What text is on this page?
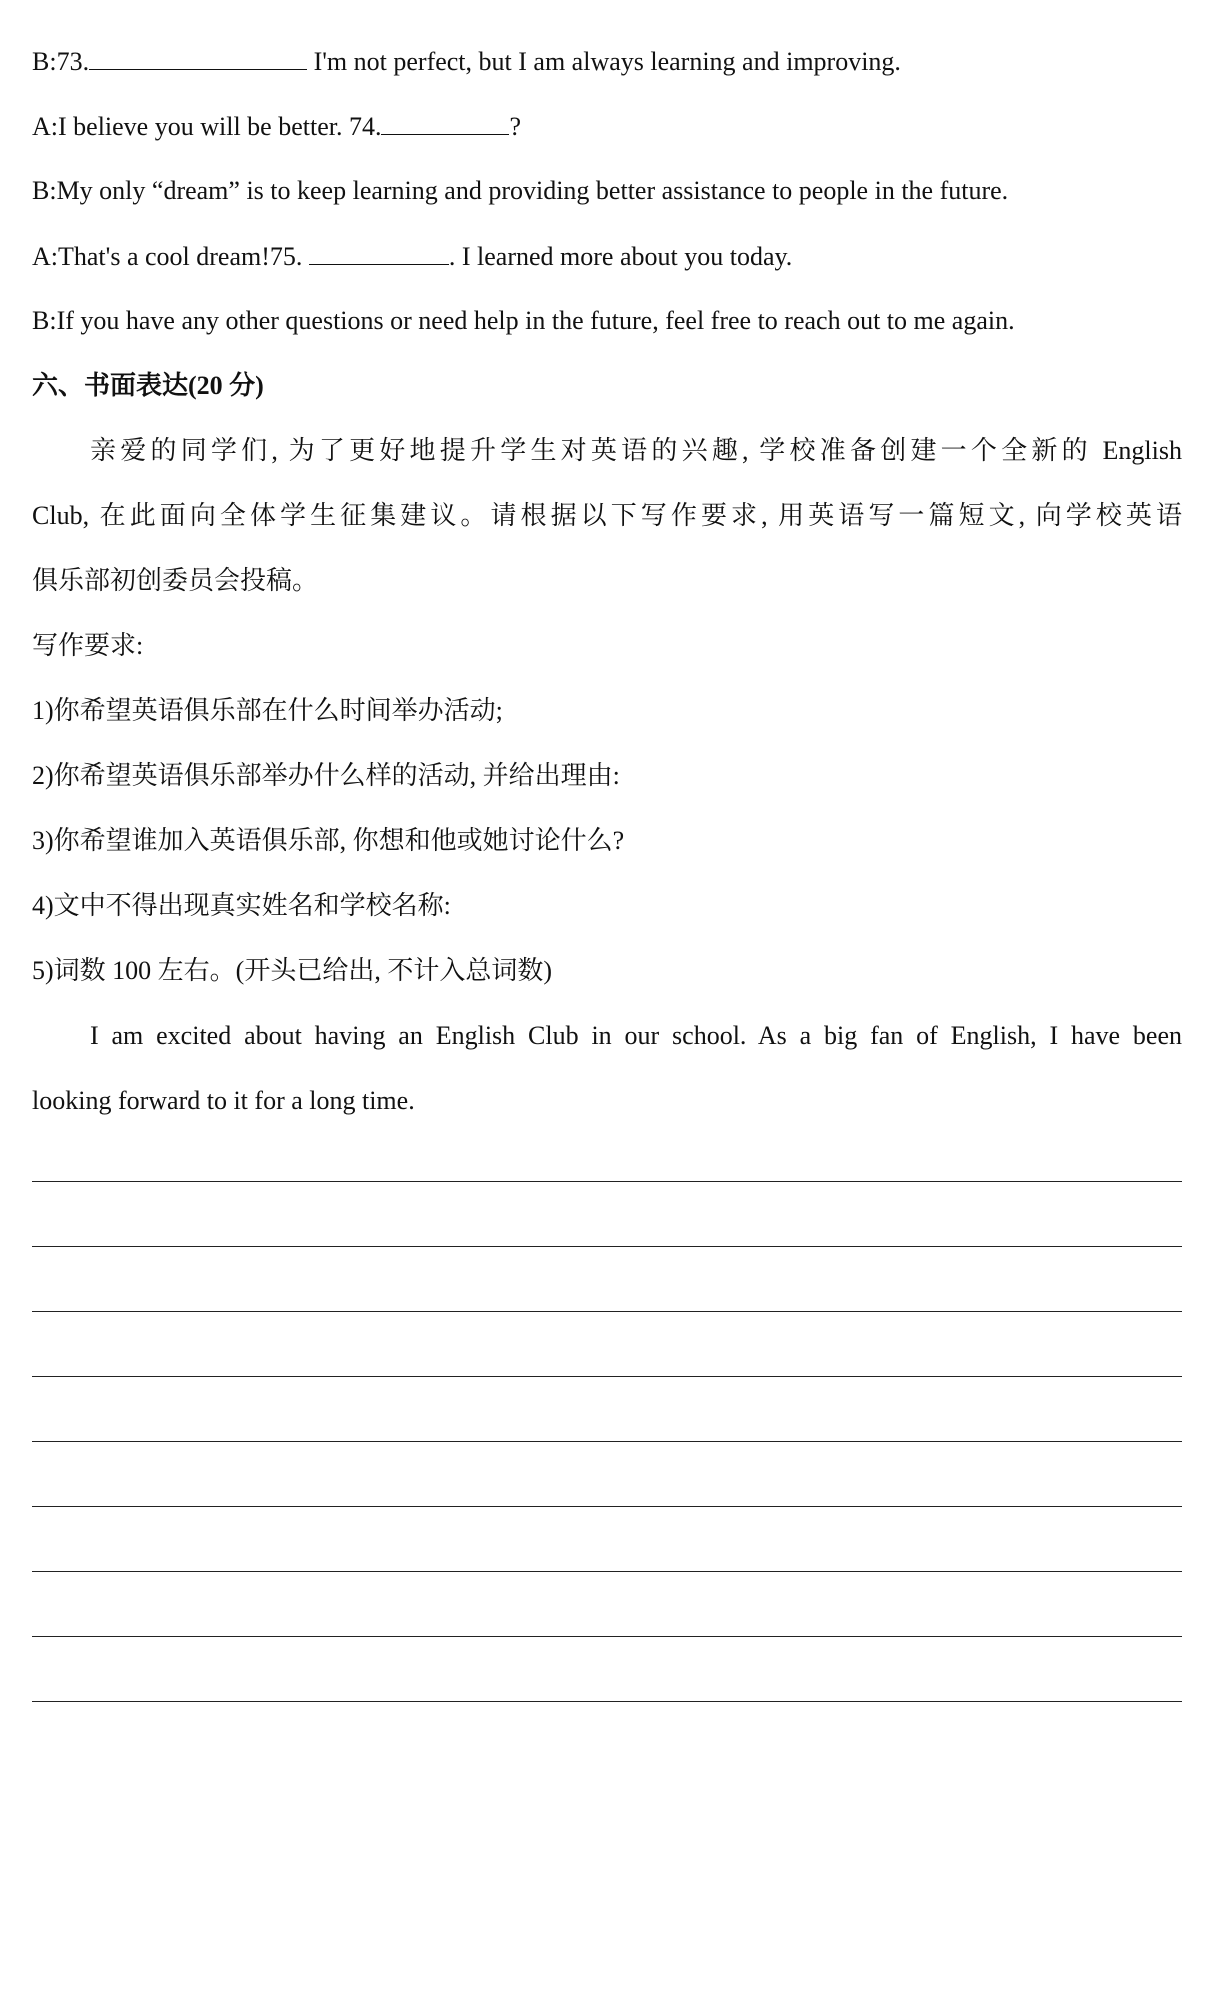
B:73.	I'm not perfect, but I am always learning and improving.
A:I believe you will be better. 74.	?
B:My only “dream” is to keep learning and providing better assistance to people in the future.
A:That's a cool dream!75.	. I learned more about you today.
B:If you have any other questions or need help in the future, feel free to reach out to me again.
六、书面表达(20 分)
亲爱的同学们, 为了更好地提升学生对英语的兴趣, 学校准备创建一个全新的 English
Club, 在此面向全体学生征集建议。请根据以下写作要求, 用英语写一篇短文, 向学校英语
俱乐部初创委员会投稿。
写作要求:
1)你希望英语俱乐部在什么时间举办活动;
2)你希望英语俱乐部举办什么样的活动, 并给出理由:
3)你希望谁加入英语俱乐部, 你想和他或她讨论什么?
4)文中不得出现真实姓名和学校名称:
5)词数 100 左右。(开头已给出, 不计入总词数)
I am excited about having an English Club in our school. As a big fan of English, I have been
looking forward to it for a long time.
